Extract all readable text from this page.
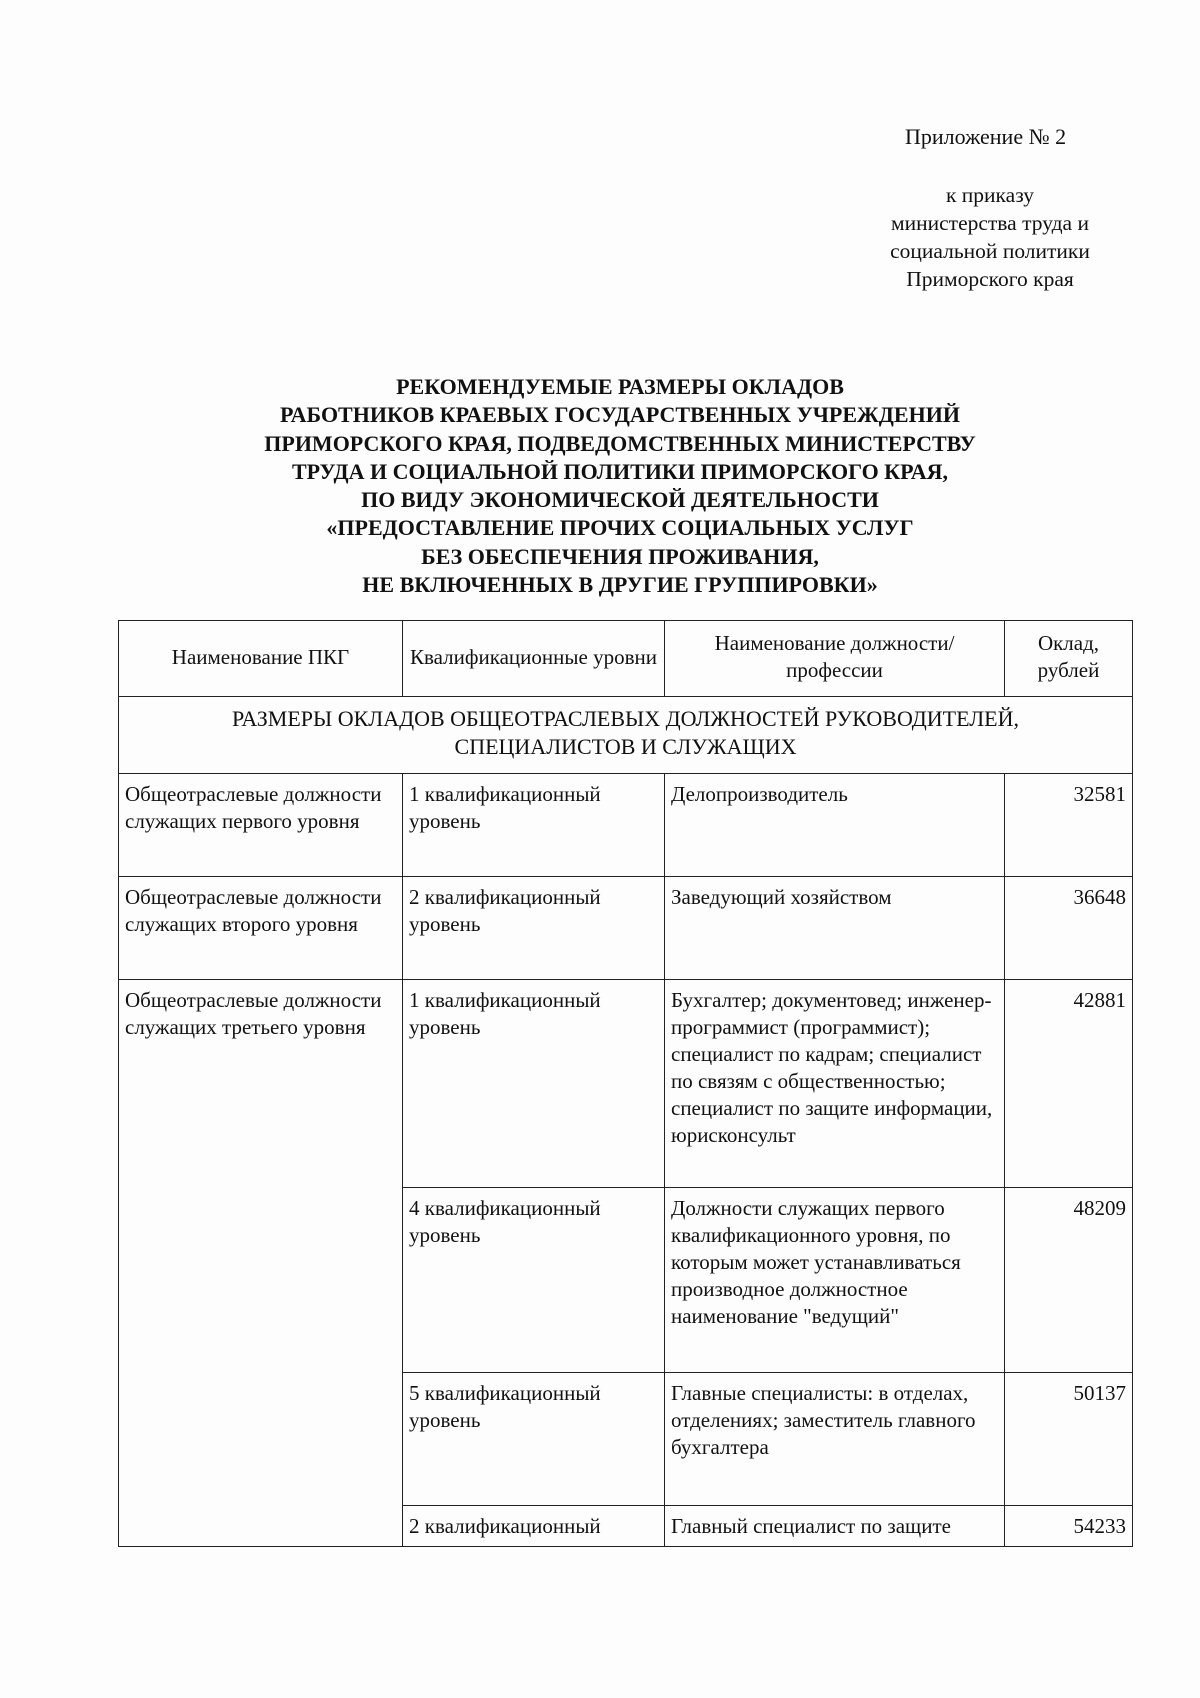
Приложение № 2
к приказу
министерства труда и
социальной политики
Приморского края
РЕКОМЕНДУЕМЫЕ РАЗМЕРЫ ОКЛАДОВ
РАБОТНИКОВ КРАЕВЫХ ГОСУДАРСТВЕННЫХ УЧРЕЖДЕНИЙ
ПРИМОРСКОГО КРАЯ, ПОДВЕДОМСТВЕННЫХ МИНИСТЕРСТВУ
ТРУДА И СОЦИАЛЬНОЙ ПОЛИТИКИ ПРИМОРСКОГО КРАЯ,
ПО ВИДУ ЭКОНОМИЧЕСКОЙ ДЕЯТЕЛЬНОСТИ
«ПРЕДОСТАВЛЕНИЕ ПРОЧИХ СОЦИАЛЬНЫХ УСЛУГ
БЕЗ ОБЕСПЕЧЕНИЯ ПРОЖИВАНИЯ,
НЕ ВКЛЮЧЕННЫХ В ДРУГИЕ ГРУППИРОВКИ»
Наименование ПКГ	Квалификационные уровни	Наименование должности/профессии	Оклад, рублей
РАЗМЕРЫ ОКЛАДОВ ОБЩЕОТРАСЛЕВЫХ ДОЛЖНОСТЕЙ РУКОВОДИТЕЛЕЙ, СПЕЦИАЛИСТОВ И СЛУЖАЩИХ			
Общеотраслевые должности служащих первого уровня	1 квалификационный уровень	Делопроизводитель	32581
Общеотраслевые должности служащих второго уровня	2 квалификационный уровень	Заведующий хозяйством	36648
Общеотраслевые должности служащих третьего уровня	1 квалификационный уровень	Бухгалтер; документовед; инженер-программист (программист); специалист по кадрам; специалист по связям с общественностью; специалист по защите информации, юрисконсульт	42881
	4 квалификационный уровень	Должности служащих первого квалификационного уровня, по которым может устанавливаться производное должностное наименование "ведущий"	48209
	5 квалификационный уровень	Главные специалисты: в отделах, отделениях; заместитель главного бухгалтера	50137
	2 квалификационный	Главный специалист по защите	54233
